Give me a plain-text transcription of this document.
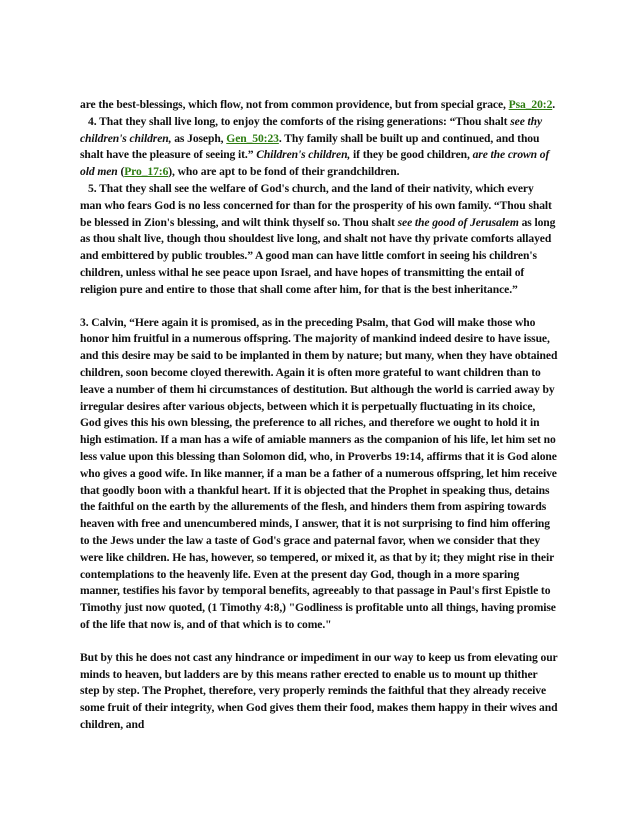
are the best-blessings, which flow, not from common providence, but from special grace, Psa_20:2.

4. That they shall live long, to enjoy the comforts of the rising generations: “Thou shalt see thy children's children, as Joseph, Gen_50:23. Thy family shall be built up and continued, and thou shalt have the pleasure of seeing it.” Children's children, if they be good children, are the crown of old men (Pro_17:6), who are apt to be fond of their grandchildren.

5. That they shall see the welfare of God's church, and the land of their nativity, which every man who fears God is no less concerned for than for the prosperity of his own family. “Thou shalt be blessed in Zion's blessing, and wilt think thyself so. Thou shalt see the good of Jerusalem as long as thou shalt live, though thou shouldest live long, and shalt not have thy private comforts allayed and embittered by public troubles.” A good man can have little comfort in seeing his children's children, unless withal he see peace upon Israel, and have hopes of transmitting the entail of religion pure and entire to those that shall come after him, for that is the best inheritance.”

3. Calvin, “Here again it is promised, as in the preceding Psalm, that God will make those who honor him fruitful in a numerous offspring. The majority of mankind indeed desire to have issue, and this desire may be said to be implanted in them by nature; but many, when they have obtained children, soon become cloyed therewith. Again it is often more grateful to want children than to leave a number of them hi circumstances of destitution. But although the world is carried away by irregular desires after various objects, between which it is perpetually fluctuating in its choice, God gives this his own blessing, the preference to all riches, and therefore we ought to hold it in high estimation. If a man has a wife of amiable manners as the companion of his life, let him set no less value upon this blessing than Solomon did, who, in Proverbs 19:14, affirms that it is God alone who gives a good wife. In like manner, if a man be a father of a numerous offspring, let him receive that goodly boon with a thankful heart. If it is objected that the Prophet in speaking thus, detains the faithful on the earth by the allurements of the flesh, and hinders them from aspiring towards heaven with free and unencumbered minds, I answer, that it is not surprising to find him offering to the Jews under the law a taste of God's grace and paternal favor, when we consider that they were like children. He has, however, so tempered, or mixed it, as that by it; they might rise in their contemplations to the heavenly life. Even at the present day God, though in a more sparing manner, testifies his favor by temporal benefits, agreeably to that passage in Paul's first Epistle to Timothy just now quoted, (1 Timothy 4:8,) "Godliness is profitable unto all things, having promise of the life that now is, and of that which is to come."

But by this he does not cast any hindrance or impediment in our way to keep us from elevating our minds to heaven, but ladders are by this means rather erected to enable us to mount up thither step by step. The Prophet, therefore, very properly reminds the faithful that they already receive some fruit of their integrity, when God gives them their food, makes them happy in their wives and children, and
